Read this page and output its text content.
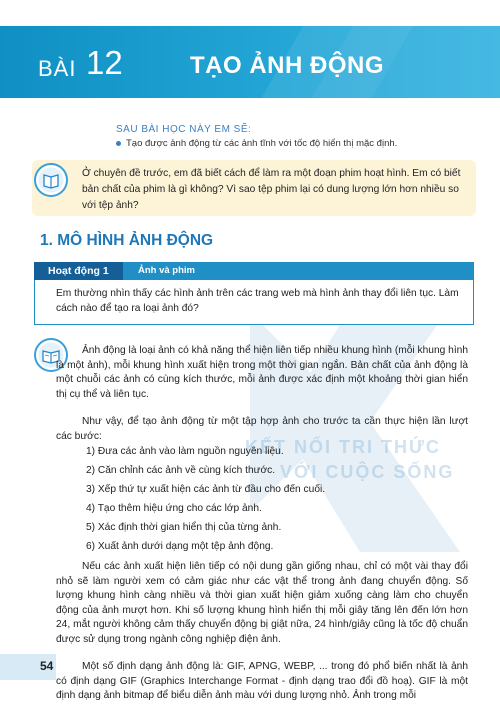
BÀI 12	TẠO ẢNH ĐỘNG
SAU BÀI HỌC NÀY EM SẼ:
Tạo được ảnh động từ các ảnh tĩnh với tốc độ hiển thị mặc định.
Ở chuyên đề trước, em đã biết cách để làm ra một đoạn phim hoạt hình. Em có biết bản chất của phim là gì không? Vì sao tệp phim lại có dung lượng lớn hơn nhiều so với tệp ảnh?
1. MÔ HÌNH ẢNH ĐỘNG
KẾT NỐI TRI THỨC
VỚI CUỘC SỐNG
Hoạt động 1	Ảnh và phim
Em thường nhìn thấy các hình ảnh trên các trang web mà hình ảnh thay đổi liên tục. Làm cách nào để tạo ra loại ảnh đó?
Ảnh động là loại ảnh có khả năng thể hiện liên tiếp nhiều khung hình (mỗi khung hình là một ảnh), mỗi khung hình xuất hiện trong một thời gian ngắn. Bản chất của ảnh động là một chuỗi các ảnh có cùng kích thước, mỗi ảnh được xác định một khoảng thời gian hiển thị cụ thể và liên tục.
Như vậy, để tạo ảnh động từ một tập hợp ảnh cho trước ta cần thực hiện lần lượt các bước:
1) Đưa các ảnh vào làm nguồn nguyên liệu.
2) Căn chỉnh các ảnh về cùng kích thước.
3) Xếp thứ tự xuất hiện các ảnh từ đầu cho đến cuối.
4) Tạo thêm hiệu ứng cho các lớp ảnh.
5) Xác định thời gian hiển thị của từng ảnh.
6) Xuất ảnh dưới dạng một tệp ảnh động.
Nếu các ảnh xuất hiện liên tiếp có nội dung gần giống nhau, chỉ có một vài thay đổi nhỏ sẽ làm người xem có cảm giác như các vật thể trong ảnh đang chuyển động. Số lượng khung hình càng nhiều và thời gian xuất hiện giảm xuống càng làm cho chuyển động của ảnh mượt hơn. Khi số lượng khung hình hiển thị mỗi giây tăng lên đến lớn hơn 24, mắt người không cảm thấy chuyển động bị giật nữa, 24 hình/giây cũng là tốc độ chuẩn được sử dụng trong ngành công nghiệp điện ảnh.
Một số định dạng ảnh động là: GIF, APNG, WEBP, ... trong đó phổ biến nhất là ảnh có định dạng GIF (Graphics Interchange Format - định dạng trao đổi đồ hoạ). GIF là một định dạng ảnh bitmap để biểu diễn ảnh màu với dung lượng nhỏ. Ảnh trong mỗi
54
